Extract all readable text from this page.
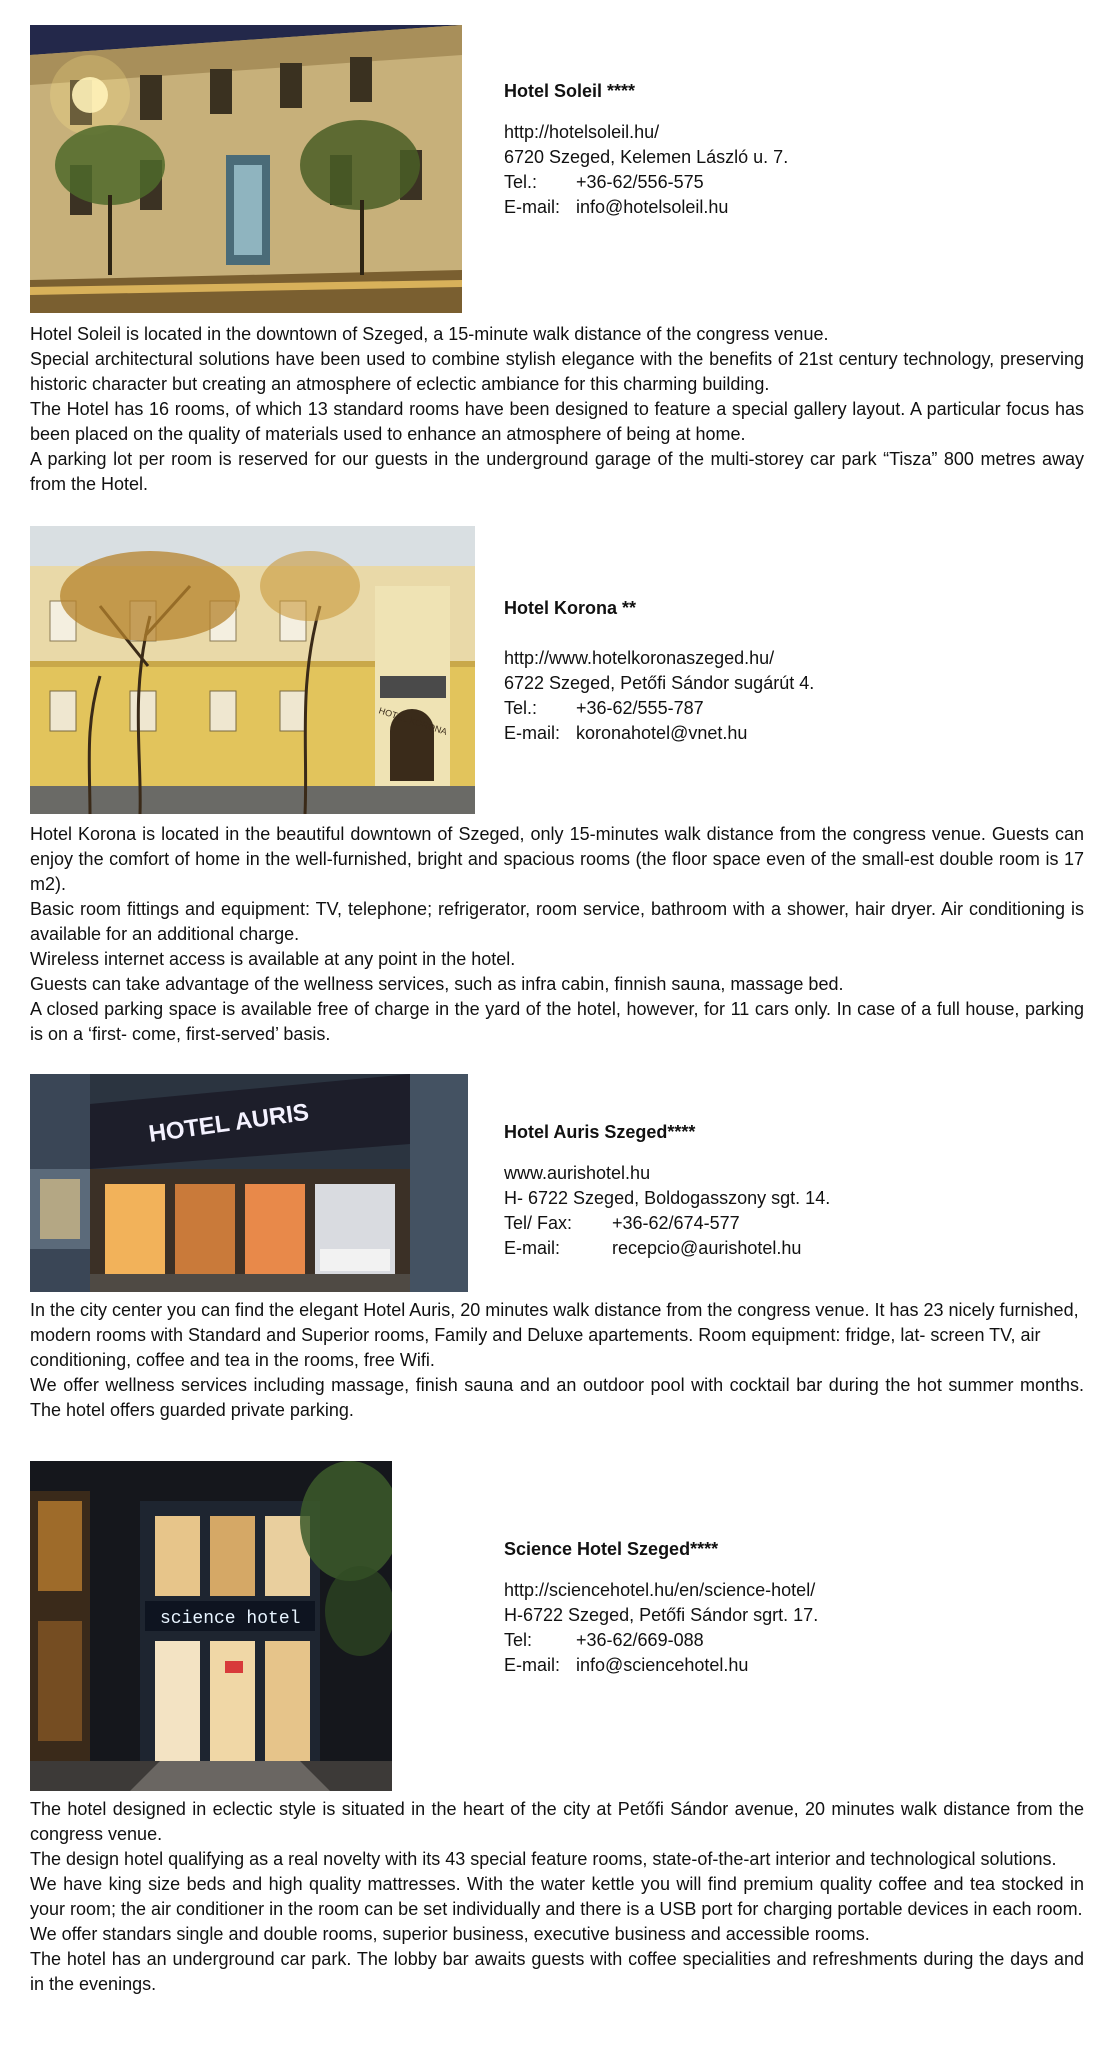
Hotel Soleil ****
http://hotelsoleil.hu/
6720 Szeged, Kelemen László u. 7.
Tel.:	+36-62/556-575
E-mail: info@hotelsoleil.hu

Hotel Soleil is located in the downtown of Szeged, a 15-minute walk distance of the congress venue.

Special architectural solutions have been used to combine stylish elegance with the benefits of 21st century technology, preserving historic character but creating an atmosphere of eclectic ambiance for this charming building.

The Hotel has 16 rooms, of which 13 standard rooms have been designed to feature a special gallery layout. A particular focus has been placed on the quality of materials used to enhance an atmosphere of being at home.

A parking lot per room is reserved for our guests in the underground garage of the multi-storey car park “Tisza” 800 metres away from the Hotel.

HOTEL KORONA
Hotel Korona **
http://www.hotelkoronaszeged.hu/
6722 Szeged, Petőfi Sándor sugárút 4.
Tel.:	+36-62/555-787
E-mail: koronahotel@vnet.hu

Hotel Korona is located in the beautiful downtown of Szeged, only 15-minutes walk distance from the congress venue. Guests can enjoy the comfort of home in the well-furnished, bright and spacious rooms (the floor space even of the small-est double room is 17 m2).

Basic room fittings and equipment: TV, telephone; refrigerator, room service, bathroom with a shower, hair dryer. Air conditioning is available for an additional charge.

Wireless internet access is available at any point in the hotel.

Guests can take advantage of the wellness services, such as infra cabin, finnish sauna, massage bed.

A closed parking space is available free of charge in the yard of the hotel, however, for 11 cars only. In case of a full house, parking is on a ‘first- come, first-served’ basis.

HOTEL AURIS	Hotel Auris Szeged****
www.aurishotel.hu
H- 6722 Szeged, Boldogasszony sgt. 14.
Tel/ Fax:	+36-62/674-577
E-mail:	recepcio@aurishotel.hu

In the city center you can find the elegant Hotel Auris, 20 minutes walk distance from the congress venue. It has 23 nicely furnished, modern rooms with Standard and Superior rooms, Family and Deluxe apartements. Room equipment: fridge, lat- screen TV, air

conditioning, coffee and tea in the rooms, free Wifi.

We offer wellness services including massage, finish sauna and an outdoor pool with cocktail bar during the hot summer months. The hotel offers guarded private parking.

science hotel
Science Hotel Szeged****
http://sciencehotel.hu/en/science-hotel/
H-6722 Szeged, Petőfi Sándor sgrt. 17.
Tel:	+36-62/669-088
E-mail: info@sciencehotel.hu

The hotel designed in eclectic style is situated in the heart of the city at Petőfi Sándor avenue, 20 minutes walk distance from the congress venue.

The design hotel qualifying as a real novelty with its 43 special feature rooms, state-of-the-art interior and technological solutions.

We have king size beds and high quality mattresses. With the water kettle you will find premium quality coffee and tea stocked in your room; the air conditioner in the room can be set individually and there is a USB port for charging portable devices in each room.

We offer standars single and double rooms, superior business, executive business and accessible rooms.

The hotel has an underground car park. The lobby bar awaits guests with coffee specialities and refreshments during the days and in the evenings.
